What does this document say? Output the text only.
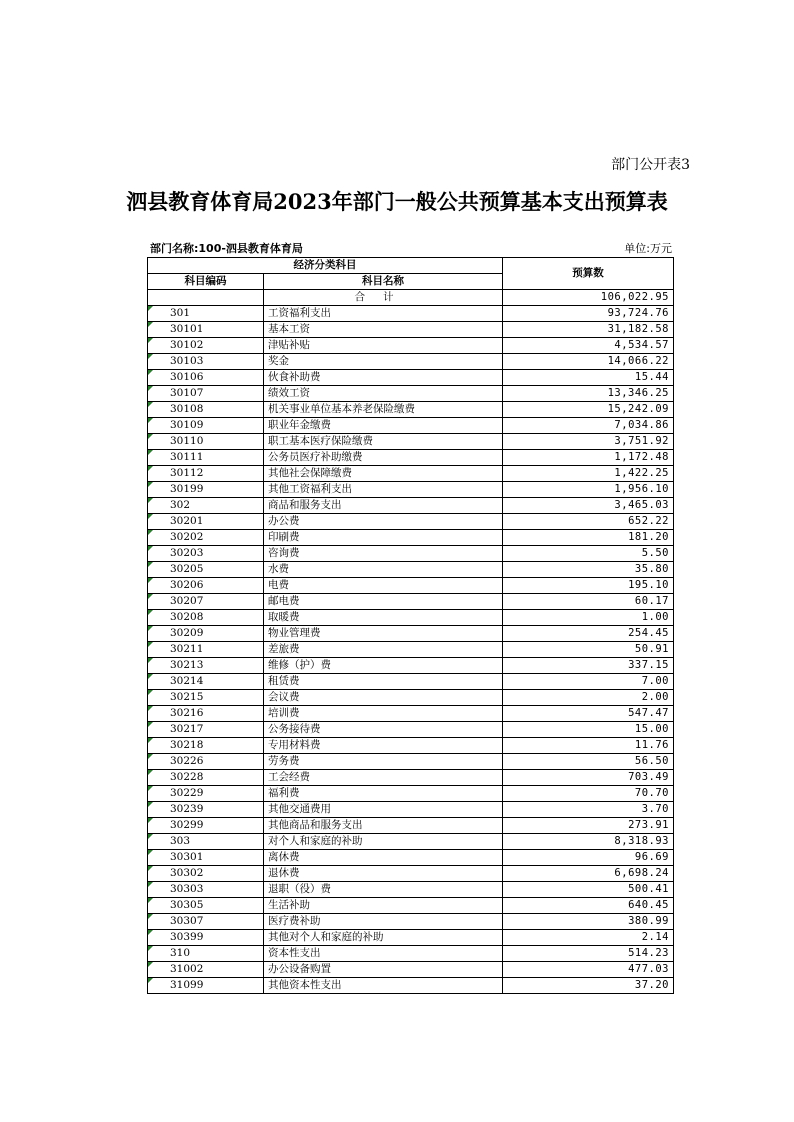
部门公开表3
泗县教育体育局2023年部门一般公共预算基本支出预算表
部门名称:100-泗县教育体育局	单位:万元
经济分类科目		预算数
科目编码	科目名称	
	合计	106,022.95

301	工资福利支出	93,724.76

30101	基本工资	31,182.58

30102	津贴补贴	4,534.57

30103	奖金	14,066.22

30106	伙食补助费	15.44

30107	绩效工资	13,346.25

30108	机关事业单位基本养老保险缴费	15,242.09

30109	职业年金缴费	7,034.86

30110	职工基本医疗保险缴费	3,751.92

30111	公务员医疗补助缴费	1,172.48

30112	其他社会保障缴费	1,422.25

30199	其他工资福利支出	1,956.10

302	商品和服务支出	3,465.03

30201	办公费	652.22

30202	印刷费	181.20

30203	咨询费	5.50

30205	水费	35.80

30206	电费	195.10

30207	邮电费	60.17

30208	取暖费	1.00

30209	物业管理费	254.45

30211	差旅费	50.91

30213	维修（护）费	337.15

30214	租赁费	7.00

30215	会议费	2.00

30216	培训费	547.47

30217	公务接待费	15.00

30218	专用材料费	11.76

30226	劳务费	56.50

30228	工会经费	703.49

30229	福利费	70.70

30239	其他交通费用	3.70

30299	其他商品和服务支出	273.91

303	对个人和家庭的补助	8,318.93

30301	离休费	96.69

30302	退休费	6,698.24

30303	退职（役）费	500.41

30305	生活补助	640.45

30307	医疗费补助	380.99

30399	其他对个人和家庭的补助	2.14

310	资本性支出	514.23

31002	办公设备购置	477.03

31099	其他资本性支出	37.20
